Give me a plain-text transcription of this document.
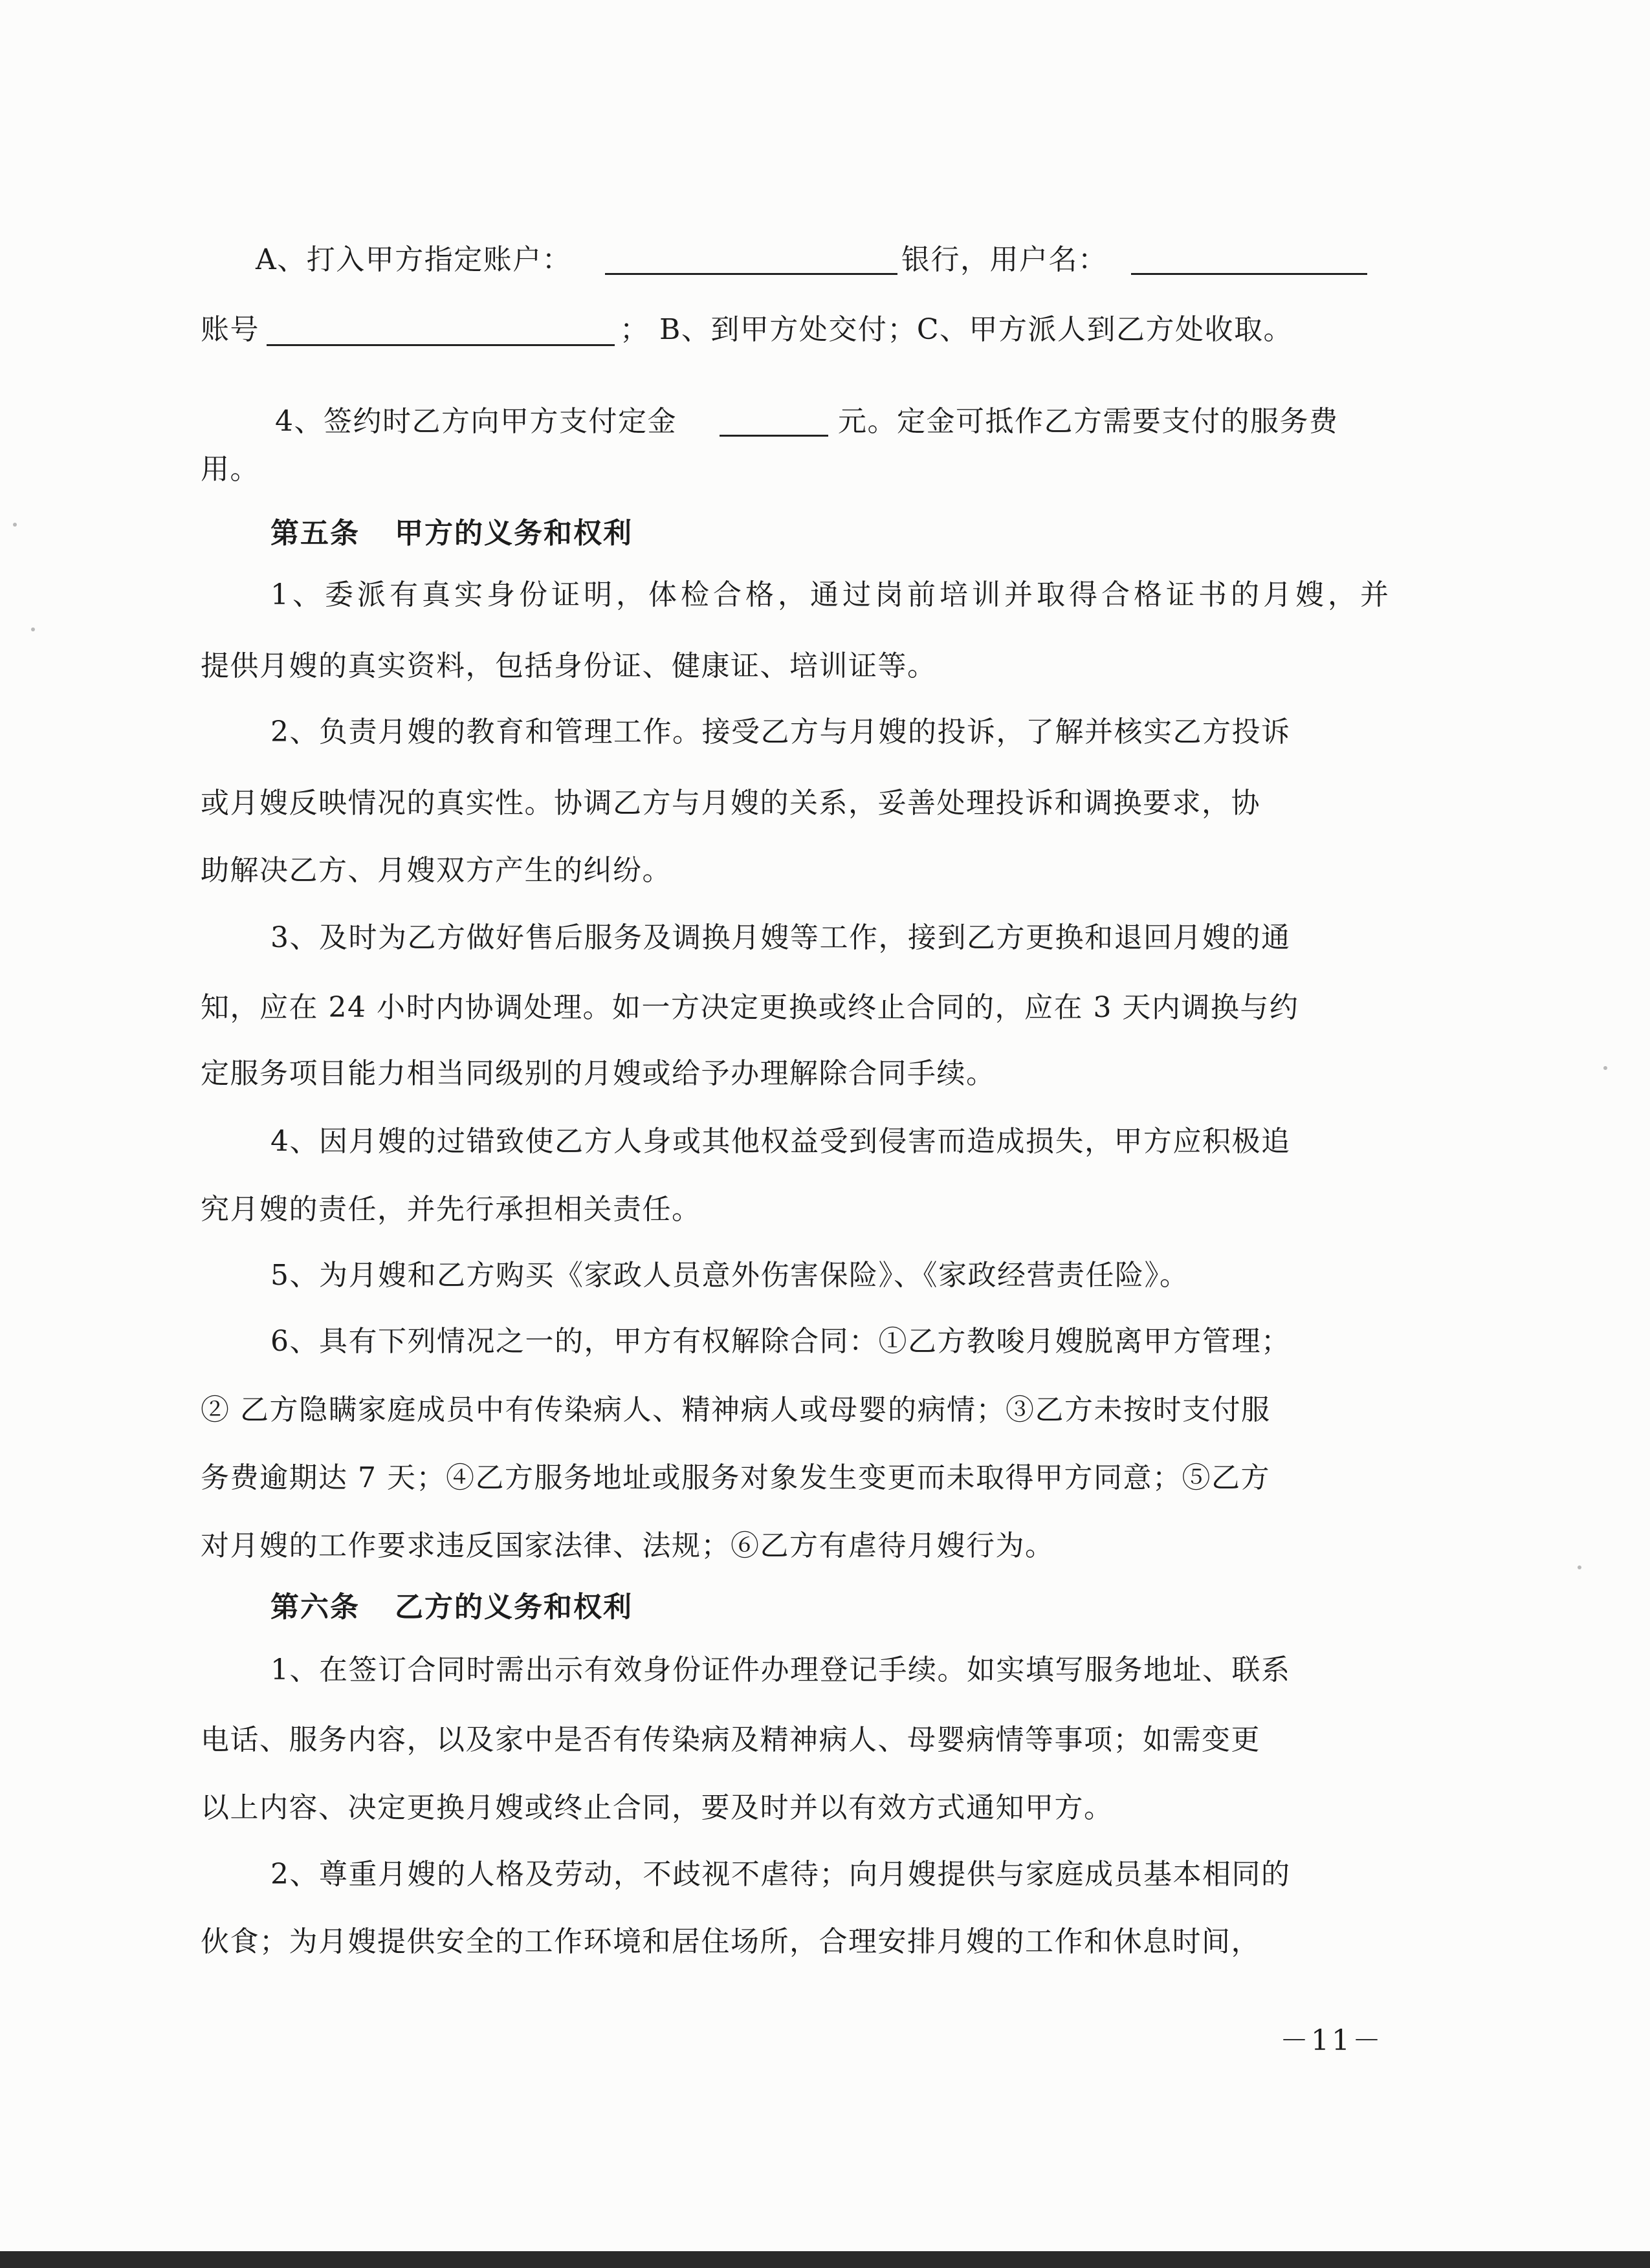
A、打入甲方指定账户：	银行，用户名：
账号	； B、到甲方处交付；C、甲方派人到乙方处收取。
4、签约时乙方向甲方支付定金	元。定金可抵作乙方需要支付的服务费
用。
第五条 甲方的义务和权利
1 、 委 派 有 真 实 身 份 证 明 ， 体 检 合 格 ， 通 过 岗 前 培 训 并 取 得 合 格 证 书 的 月 嫂 ， 并
提供月嫂的真实资料，包括身份证、健康证、培训证等。
2、负责月嫂的教育和管理工作。接受乙方与月嫂的投诉，了解并核实乙方投诉
或月嫂反映情况的真实性。协调乙方与月嫂的关系，妥善处理投诉和调换要求，协
助解决乙方、月嫂双方产生的纠纷。
3、及时为乙方做好售后服务及调换月嫂等工作，接到乙方更换和退回月嫂的通
知，应在 24 小时内协调处理。如一方决定更换或终止合同的，应在 3 天内调换与约
定服务项目能力相当同级别的月嫂或给予办理解除合同手续。
4、因月嫂的过错致使乙方人身或其他权益受到侵害而造成损失，甲方应积极追
究月嫂的责任，并先行承担相关责任。
5、为月嫂和乙方购买《家政人员意外伤害保险》、《家政经营责任险》。
6、具有下列情况之一的，甲方有权解除合同：①乙方教唆月嫂脱离甲方管理；
② 乙方隐瞒家庭成员中有传染病人、精神病人或母婴的病情；③乙方未按时支付服
务费逾期达 7 天；④乙方服务地址或服务对象发生变更而未取得甲方同意；⑤乙方
对月嫂的工作要求违反国家法律、法规；⑥乙方有虐待月嫂行为。
第六条 乙方的义务和权利
1、在签订合同时需出示有效身份证件办理登记手续。如实填写服务地址、联系
电话、服务内容，以及家中是否有传染病及精神病人、母婴病情等事项；如需变更
以上内容、决定更换月嫂或终止合同，要及时并以有效方式通知甲方。
2、尊重月嫂的人格及劳动，不歧视不虐待；向月嫂提供与家庭成员基本相同的
伙食；为月嫂提供安全的工作环境和居住场所，合理安排月嫂的工作和休息时间，
－11－
